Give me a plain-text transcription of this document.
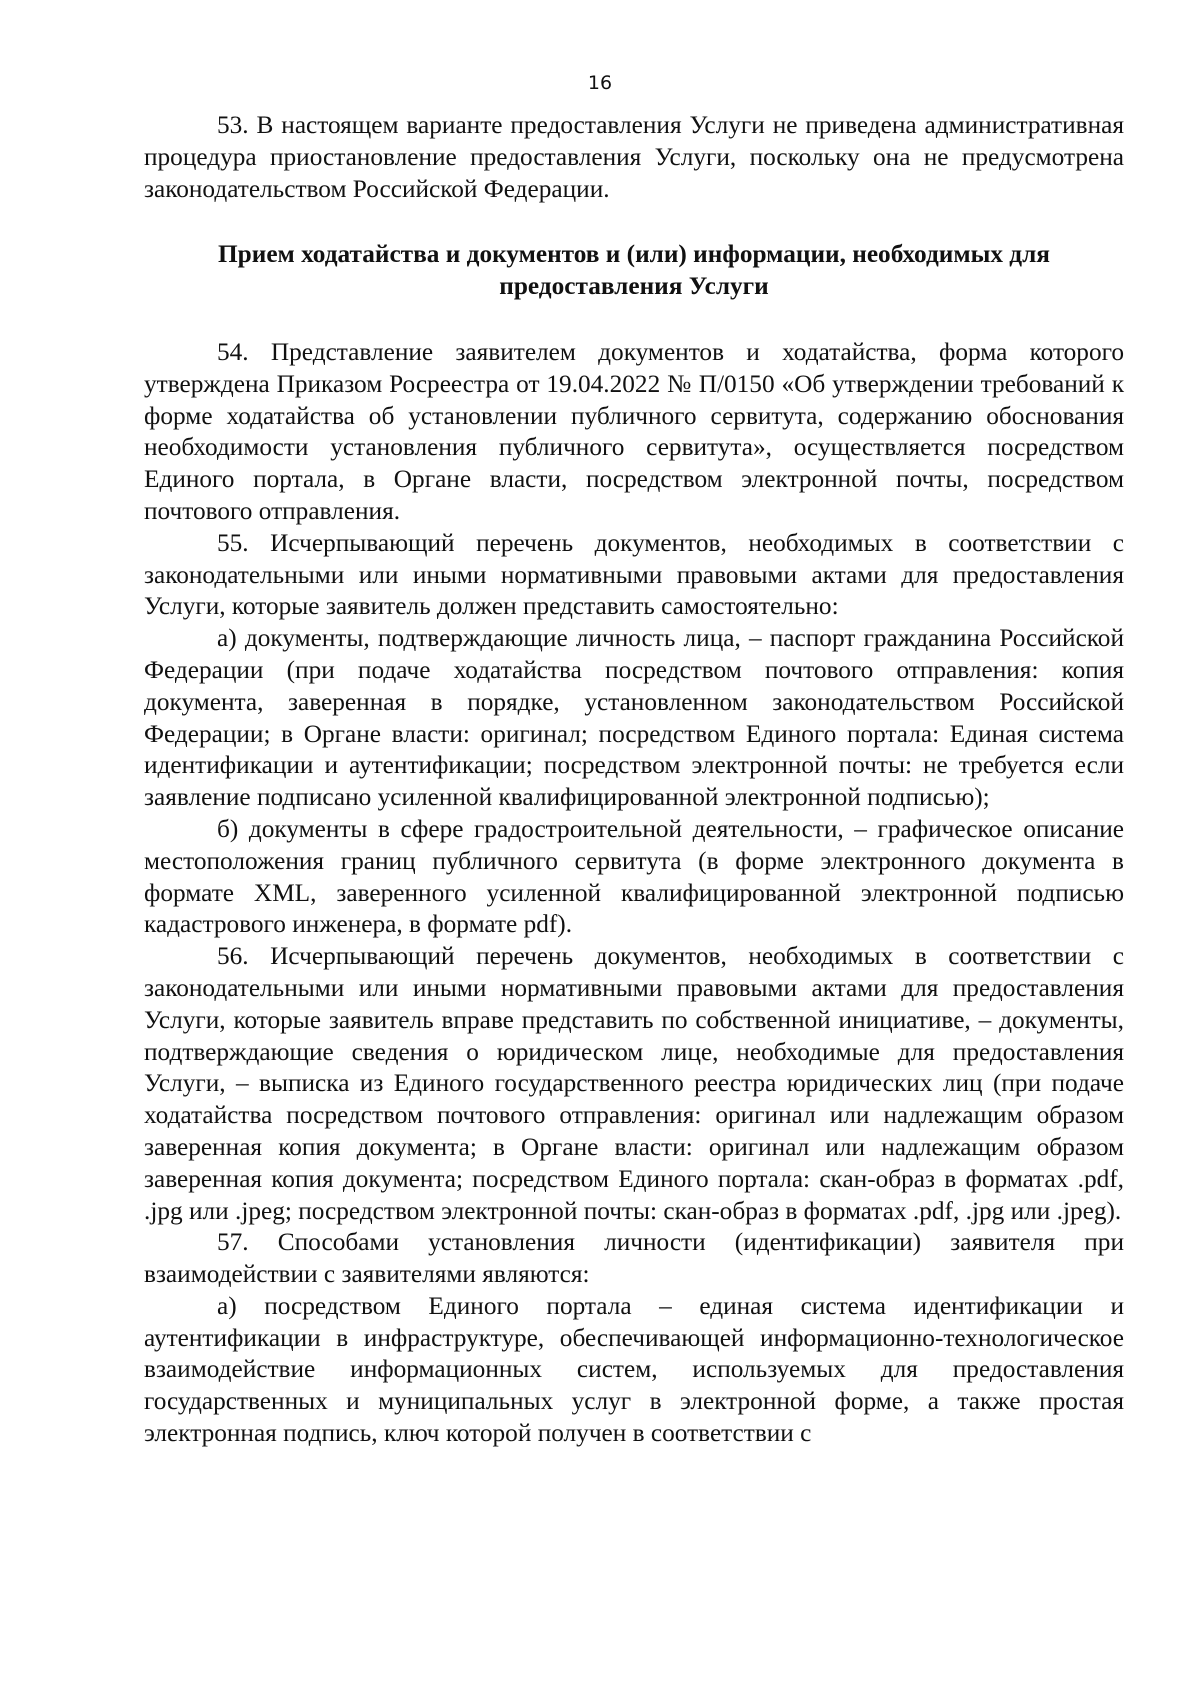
16

53. В настоящем варианте предоставления Услуги не приведена административная процедура приостановление предоставления Услуги, поскольку она не предусмотрена законодательством Российской Федерации.

Прием ходатайства и документов и (или) информации, необходимых для предоставления Услуги

54. Представление заявителем документов и ходатайства, форма которого утверждена Приказом Росреестра от 19.04.2022 № П/0150 «Об утверждении требований к форме ходатайства об установлении публичного сервитута, содержанию обоснования необходимости установления публичного сервитута», осуществляется посредством Единого портала, в Органе власти, посредством электронной почты, посредством почтового отправления.

55. Исчерпывающий перечень документов, необходимых в соответствии с законодательными или иными нормативными правовыми актами для предоставления Услуги, которые заявитель должен представить самостоятельно:

а) документы, подтверждающие личность лица, – паспорт гражданина Российской Федерации (при подаче ходатайства посредством почтового отправления: копия документа, заверенная в порядке, установленном законодательством Российской Федерации; в Органе власти: оригинал; посредством Единого портала: Единая система идентификации и аутентификации; посредством электронной почты: не требуется если заявление подписано усиленной квалифицированной электронной подписью);

б) документы в сфере градостроительной деятельности, – графическое описание местоположения границ публичного сервитута (в форме электронного документа в формате XML, заверенного усиленной квалифицированной электронной подписью кадастрового инженера, в формате pdf).

56. Исчерпывающий перечень документов, необходимых в соответствии с законодательными или иными нормативными правовыми актами для предоставления Услуги, которые заявитель вправе представить по собственной инициативе, – документы, подтверждающие сведения о юридическом лице, необходимые для предоставления Услуги, – выписка из Единого государственного реестра юридических лиц (при подаче ходатайства посредством почтового отправления: оригинал или надлежащим образом заверенная копия документа; в Органе власти: оригинал или надлежащим образом заверенная копия документа; посредством Единого портала: скан-образ в форматах .pdf, .jpg или .jpeg; посредством электронной почты: скан-образ в форматах .pdf, .jpg или .jpeg).

57. Способами установления личности (идентификации) заявителя при взаимодействии с заявителями являются:

а) посредством Единого портала – единая система идентификации и аутентификации в инфраструктуре, обеспечивающей информационно-технологическое взаимодействие информационных систем, используемых для предоставления государственных и муниципальных услуг в электронной форме, а также простая электронная подпись, ключ которой получен в соответствии с
